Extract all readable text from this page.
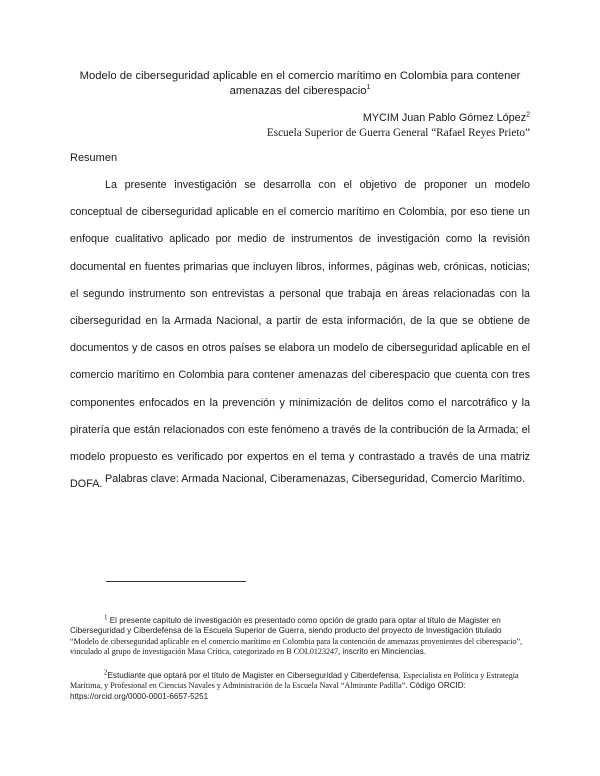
Modelo de ciberseguridad aplicable en el comercio marítimo en Colombia para contener amenazas del ciberespacio$^1$
MYCIM Juan Pablo Gómez López$^2$
Escuela Superior de Guerra General “Rafael Reyes Prieto”
Resumen

La presente investigación se desarrolla con el objetivo de proponer un modelo conceptual de ciberseguridad aplicable en el comercio marítimo en Colombia, por eso tiene un enfoque cualitativo aplicado por medio de instrumentos de investigación como la revisión documental en fuentes primarias que incluyen libros, informes, páginas web, crónicas, noticias; el segundo instrumento son entrevistas a personal que trabaja en áreas relacionadas con la ciberseguridad en la Armada Nacional, a partir de esta información, de la que se obtiene de documentos y de casos en otros países se elabora un modelo de ciberseguridad aplicable en el comercio marítimo en Colombia para contener amenazas del ciberespacio que cuenta con tres componentes enfocados en la prevención y minimización de delitos como el narcotráfico y la piratería que están relacionados con este fenómeno a través de la contribución de la Armada; el modelo propuesto es verificado por expertos en el tema y contrastado a través de una matriz DOFA. Palabras clave: Armada Nacional, Ciberamenazas, Ciberseguridad, Comercio Marítimo.

$^1$ El presente capítulo de investigación es presentado como opción de grado para optar al título de Magister en Ciberseguridad y Ciberdefensa de la Escuela Superior de Guerra, siendo producto del proyecto de Investigación titulado “Modelo de ciberseguridad aplicable en el comercio marítimo en Colombia para la contención de amenazas provenientes del ciberespacio”, vinculado al grupo de investigación Masa Crítica, categorizado en B COL0123247, inscrito en Minciencias.

$^2$Estudiante que optará por el título de Magister en Ciberseguridad y Ciberdefensa. Especialista en Política y Estrategia Marítima, y Profesional en Ciencias Navales y Administración de la Escuela Naval “Almirante Padilla”. Código ORCID: https://orcid.org/0000-0001-6657-5251
